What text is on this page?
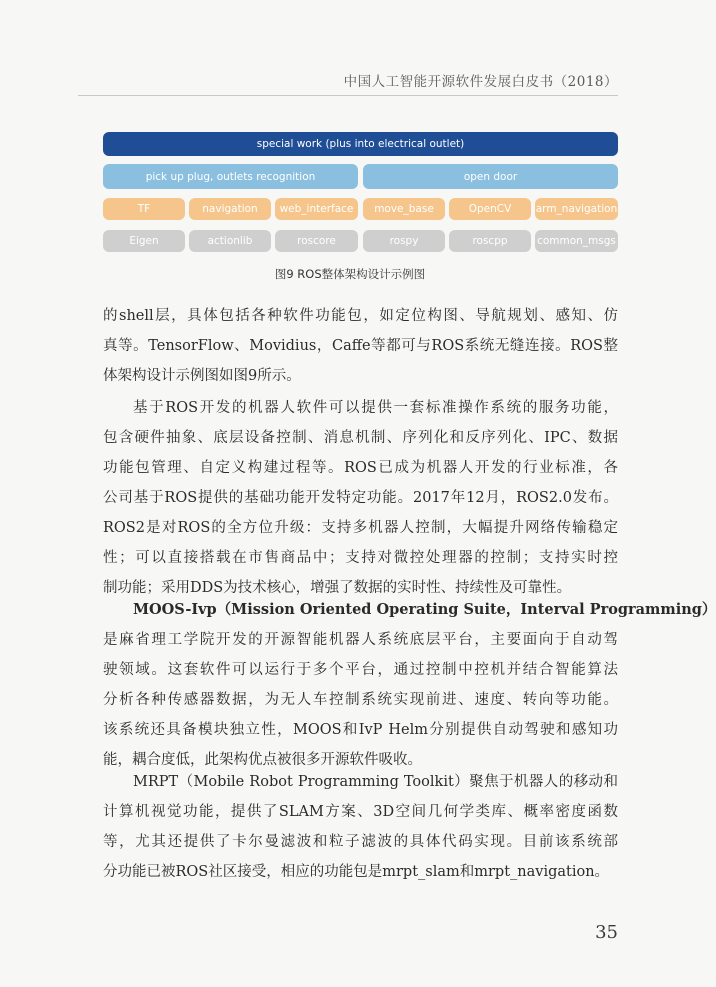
中国人工智能开源软件发展白皮书（2018）
special work (plus into electrical outlet)
pick up plug, outlets recognition	open door
TF	navigation	web_interface	move_base	OpenCV	arm_navigation
Eigen	actionlib	roscore	rospy	roscpp	common_msgs
图9 ROS整体架构设计示例图
的shell层，具体包括各种软件功能包，如定位构图、导航规划、感知、仿
真等。TensorFlow、Movidius，Caffe等都可与ROS系统无缝连接。ROS整
体架构设计示例图如图9所示。
基于ROS开发的机器人软件可以提供一套标准操作系统的服务功能，
包含硬件抽象、底层设备控制、消息机制、序列化和反序列化、IPC、数据
功能包管理、自定义构建过程等。ROS已成为机器人开发的行业标准，各
公司基于ROS提供的基础功能开发特定功能。2017年12月，ROS2.0发布。
ROS2是对ROS的全方位升级：支持多机器人控制，大幅提升网络传输稳定
性；可以直接搭载在市售商品中；支持对微控处理器的控制；支持实时控
制功能；采用DDS为技术核心，增强了数据的实时性、持续性及可靠性。
MOOS-Ivp（Mission Oriented Operating Suite，Interval Programming）
是麻省理工学院开发的开源智能机器人系统底层平台，主要面向于自动驾
驶领域。这套软件可以运行于多个平台，通过控制中控机并结合智能算法
分析各种传感器数据，为无人车控制系统实现前进、速度、转向等功能。
该系统还具备模块独立性，MOOS和IvP Helm分别提供自动驾驶和感知功
能，耦合度低，此架构优点被很多开源软件吸收。
MRPT（Mobile Robot Programming Toolkit）聚焦于机器人的移动和
计算机视觉功能，提供了SLAM方案、3D空间几何学类库、概率密度函数
等，尤其还提供了卡尔曼滤波和粒子滤波的具体代码实现。目前该系统部
分功能已被ROS社区接受，相应的功能包是mrpt_slam和mrpt_navigation。
35
